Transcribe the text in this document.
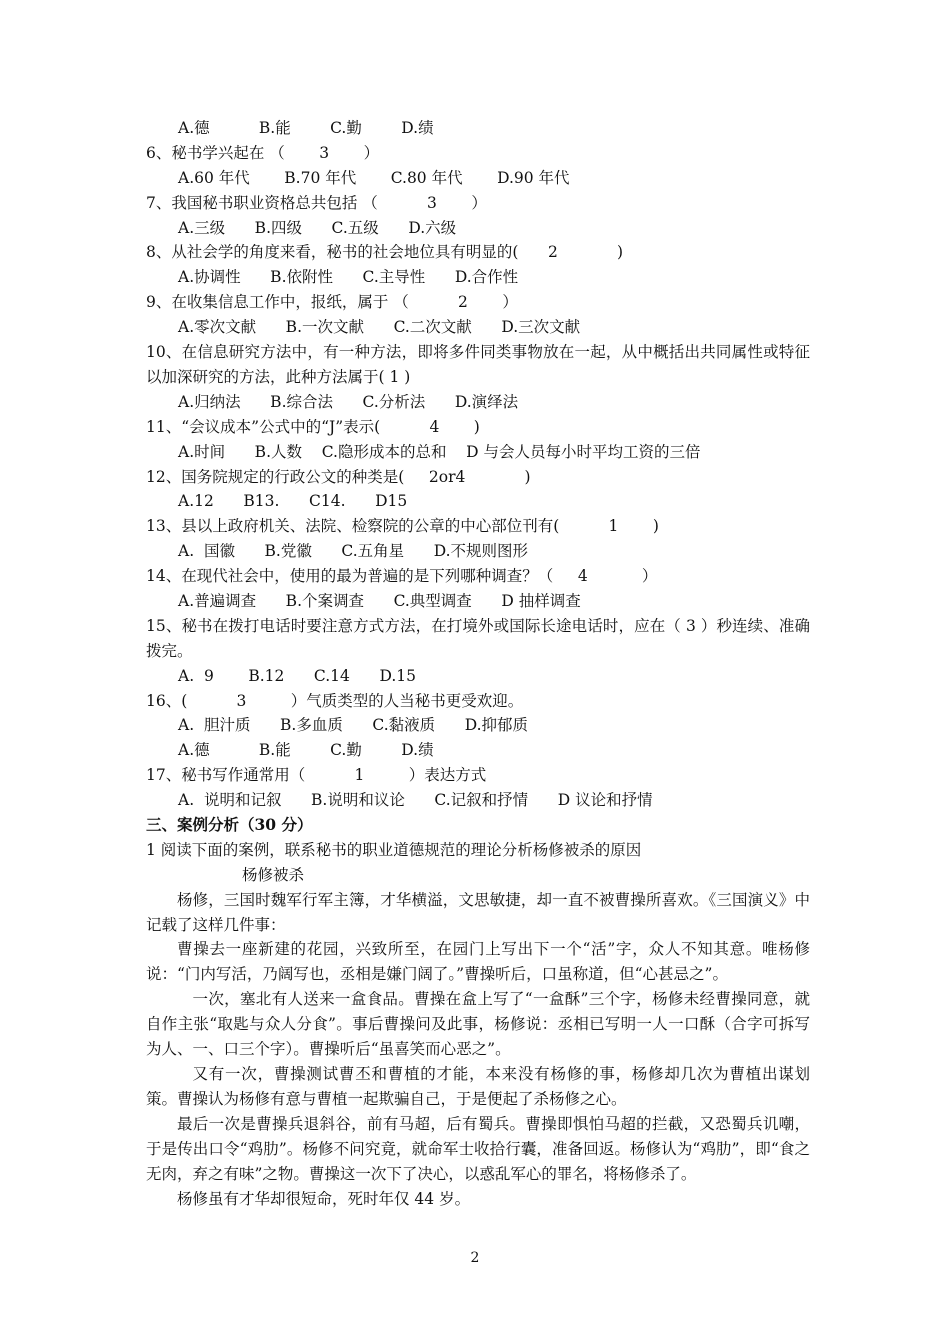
A.德          B.能        C.勤        D.绩
6、秘书学兴起在 （       3       ）
A.60 年代       B.70 年代       C.80 年代       D.90 年代
7、我国秘书职业资格总共包括 （          3       ）
A.三级      B.四级      C.五级      D.六级
8、从社会学的角度来看，秘书的社会地位具有明显的(      2            )
A.协调性      B.依附性      C.主导性      D.合作性
9、在收集信息工作中，报纸，属于 （          2       ）
A.零次文献      B.一次文献      C.二次文献      D.三次文献
10、在信息研究方法中，有一种方法，即将多件同类事物放在一起，从中概括出共同属性或特征以加深研究的方法，此种方法属于( 1 )
A.归纳法      B.综合法      C.分析法      D.演绎法
11、“会议成本”公式中的“J”表示(          4       )
A.时间      B.人数    C.隐形成本的总和    D 与会人员每小时平均工资的三倍
12、国务院规定的行政公文的种类是(     2or4            )
A.12      B13.      C14.      D15
13、县以上政府机关、法院、检察院的公章的中心部位刊有(          1       )
A.  国徽      B.党徽      C.五角星      D.不规则图形
14、在现代社会中，使用的最为普遍的是下列哪种调查？（     4           ）
A.普遍调查      B.个案调查      C.典型调查      D 抽样调查
15、秘书在拨打电话时要注意方式方法，在打境外或国际长途电话时，应在（ 3 ）秒连续、准确拨完。
A.  9       B.12      C.14      D.15
16、(          3         ）气质类型的人当秘书更受欢迎。
A.  胆汁质      B.多血质      C.黏液质      D.抑郁质
A.德          B.能        C.勤        D.绩
17、秘书写作通常用（          1         ）表达方式
A.  说明和记叙      B.说明和议论      C.记叙和抒情      D 议论和抒情
三、案例分析（30 分）
1 阅读下面的案例，联系秘书的职业道德规范的理论分析杨修被杀的原因
杨修被杀
杨修，三国时魏军行军主簿，才华横溢，文思敏捷，却一直不被曹操所喜欢。《三国演义》中记载了这样几件事：
曹操去一座新建的花园，兴致所至，在园门上写出下一个“活”字，众人不知其意。唯杨修说：“门内写活，乃阔写也，丞相是嫌门阔了。”曹操听后，口虽称道，但“心甚忌之”。
一次，塞北有人送来一盒食品。曹操在盒上写了“一盒酥”三个字，杨修未经曹操同意，就自作主张“取匙与众人分食”。事后曹操问及此事，杨修说：丞相已写明一人一口酥（合字可拆写为人、一、口三个字）。曹操听后“虽喜笑而心恶之”。
又有一次，曹操测试曹丕和曹植的才能，本来没有杨修的事，杨修却几次为曹植出谋划策。曹操认为杨修有意与曹植一起欺骗自己，于是便起了杀杨修之心。
最后一次是曹操兵退斜谷，前有马超，后有蜀兵。曹操即惧怕马超的拦截，又恐蜀兵讥嘲，于是传出口令“鸡肋”。杨修不问究竟，就命军士收拾行囊，准备回返。杨修认为“鸡肋”，即“食之无肉，弃之有味”之物。曹操这一次下了决心，以惑乱军心的罪名，将杨修杀了。
杨修虽有才华却很短命，死时年仅 44 岁。
2
